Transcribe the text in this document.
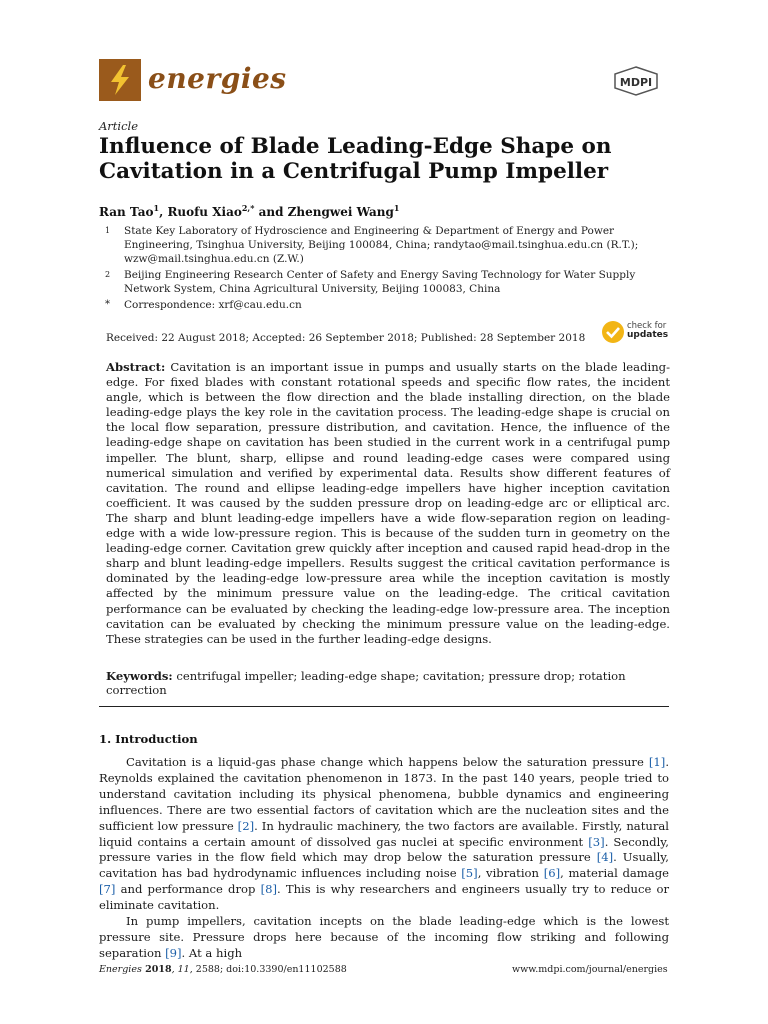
energies	MDPI
Article
Influence of Blade Leading-Edge Shape on Cavitation in a Centrifugal Pump Impeller
Ran Tao$^1$, Ruofu Xiao$^{2,*}$ and Zhengwei Wang$^1$
1 State Key Laboratory of Hydroscience and Engineering & Department of Energy and Power Engineering, Tsinghua University, Beijing 100084, China; randytao@mail.tsinghua.edu.cn (R.T.); wzw@mail.tsinghua.edu.cn (Z.W.)
2 Beijing Engineering Research Center of Safety and Energy Saving Technology for Water Supply Network System, China Agricultural University, Beijing 100083, China
* Correspondence: xrf@cau.edu.cn
Received: 22 August 2018; Accepted: 26 September 2018; Published: 28 September 2018
check for
updates
Abstract: Cavitation is an important issue in pumps and usually starts on the blade leading-edge. For fixed blades with constant rotational speeds and specific flow rates, the incident angle, which is between the flow direction and the blade installing direction, on the blade leading-edge plays the key role in the cavitation process. The leading-edge shape is crucial on the local flow separation, pressure distribution, and cavitation. Hence, the influence of the leading-edge shape on cavitation has been studied in the current work in a centrifugal pump impeller. The blunt, sharp, ellipse and round leading-edge cases were compared using numerical simulation and verified by experimental data. Results show different features of cavitation. The round and ellipse leading-edge impellers have higher inception cavitation coefficient. It was caused by the sudden pressure drop on leading-edge arc or elliptical arc. The sharp and blunt leading-edge impellers have a wide flow-separation region on leading-edge with a wide low-pressure region. This is because of the sudden turn in geometry on the leading-edge corner. Cavitation grew quickly after inception and caused rapid head-drop in the sharp and blunt leading-edge impellers. Results suggest the critical cavitation performance is dominated by the leading-edge low-pressure area while the inception cavitation is mostly affected by the minimum pressure value on the leading-edge. The critical cavitation performance can be evaluated by checking the leading-edge low-pressure area. The inception cavitation can be evaluated by checking the minimum pressure value on the leading-edge. These strategies can be used in the further leading-edge designs.
Keywords: centrifugal impeller; leading-edge shape; cavitation; pressure drop; rotation correction
1. Introduction

Cavitation is a liquid-gas phase change which happens below the saturation pressure [1]. Reynolds explained the cavitation phenomenon in 1873. In the past 140 years, people tried to understand cavitation including its physical phenomena, bubble dynamics and engineering influences. There are two essential factors of cavitation which are the nucleation sites and the sufficient low pressure [2]. In hydraulic machinery, the two factors are available. Firstly, natural liquid contains a certain amount of dissolved gas nuclei at specific environment [3]. Secondly, pressure varies in the flow field which may drop below the saturation pressure [4]. Usually, cavitation has bad hydrodynamic influences including noise [5], vibration [6], material damage [7] and performance drop [8]. This is why researchers and engineers usually try to reduce or eliminate cavitation.

In pump impellers, cavitation incepts on the blade leading-edge which is the lowest pressure site. Pressure drops here because of the incoming flow striking and following separation [9]. At a high

Energies 2018, 11, 2588; doi:10.3390/en11102588	www.mdpi.com/journal/energies
